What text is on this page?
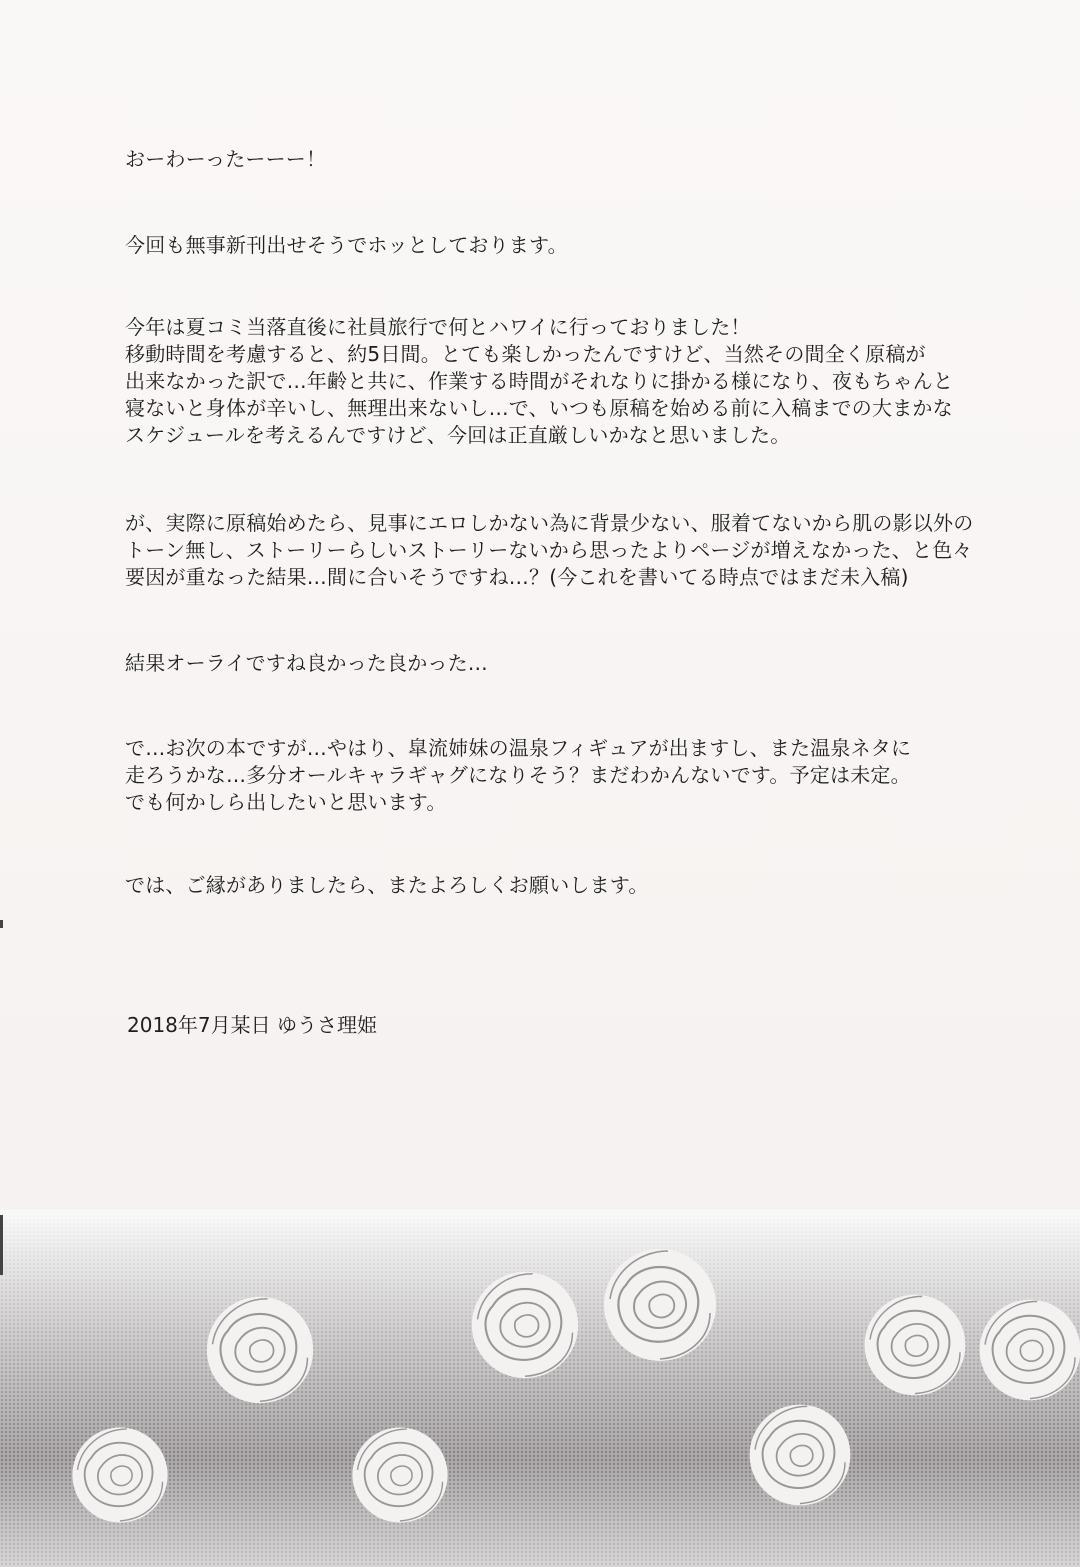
おーわーったーーー！
今回も無事新刊出せそうでホッとしております。
今年は夏コミ当落直後に社員旅行で何とハワイに行っておりました！
移動時間を考慮すると、約5日間。とても楽しかったんですけど、当然その間全く原稿が
出来なかった訳で…年齢と共に、作業する時間がそれなりに掛かる様になり、夜もちゃんと
寝ないと身体が辛いし、無理出来ないし…で、いつも原稿を始める前に入稿までの大まかな
スケジュールを考えるんですけど、今回は正直厳しいかなと思いました。
が、実際に原稿始めたら、見事にエロしかない為に背景少ない、服着てないから肌の影以外の
トーン無し、ストーリーらしいストーリーないから思ったよりページが増えなかった、と色々
要因が重なった結果…間に合いそうですね…？(今これを書いてる時点ではまだ未入稿)
結果オーライですね良かった良かった…
で…お次の本ですが…やはり、皐流姉妹の温泉フィギュアが出ますし、また温泉ネタに
走ろうかな…多分オールキャラギャグになりそう？まだわかんないです。予定は未定。
でも何かしら出したいと思います。
では、ご縁がありましたら、またよろしくお願いします。
2018年7月某日 ゆうさ理姫
